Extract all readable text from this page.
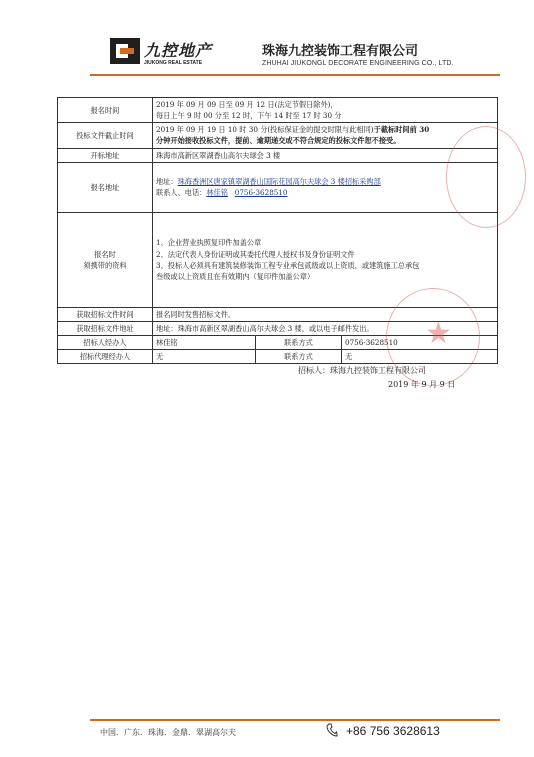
九控地产
JIUKONG REAL ESTATE
珠海九控装饰工程有限公司
ZHUHAI JIUKONGL DECORATE ENGINEERING CO., LTD.
报名时间	2019 年 09 月 09 日至 09 月 12 日(法定节假日除外)，
每日上午 9 时 00 分至 12 时，下午 14 时至 17 时 30 分		

投标文件截止时间	2019 年 09 月 19 日 10 时 30 分(投标保证金的提交时限与此相同)于截标时间前 30
分钟开始接收投标文件，提前、逾期递交或不符合规定的投标文件恕不接受。		

开标地址	珠海市高新区翠湖香山高尔夫球会 3 楼		
报名地址	地址：珠海香洲区唐家镇翠湖香山国际花园高尔夫球会 3 楼招标采购部
联系人、电话：林佳铭 0756-3628510		

报名时
须携带的资料	1、企业营业执照复印件加盖公章
2、法定代表人身份证明或其委托代理人授权书及身份证明文件
3、投标人必须具有建筑装修装饰工程专业承包贰级或以上资质，或建筑施工总承包
叁级或以上资质且在有效期内（复印件加盖公章）		

获取招标文件时间	报名同时发售招标文件。		
获取招标文件地址	地址：珠海市高新区翠湖香山高尔夫球会 3 楼，或以电子邮件发出。		
招标人经办人	林佳铭	联系方式	0756-3628510
招标代理经办人	无	联系方式	无
★
招标人：珠海九控装饰工程有限公司
2019 年 9 月 9 日
中国．广东．珠海．金鼎．翠湖高尔夫	+86 756 3628613
